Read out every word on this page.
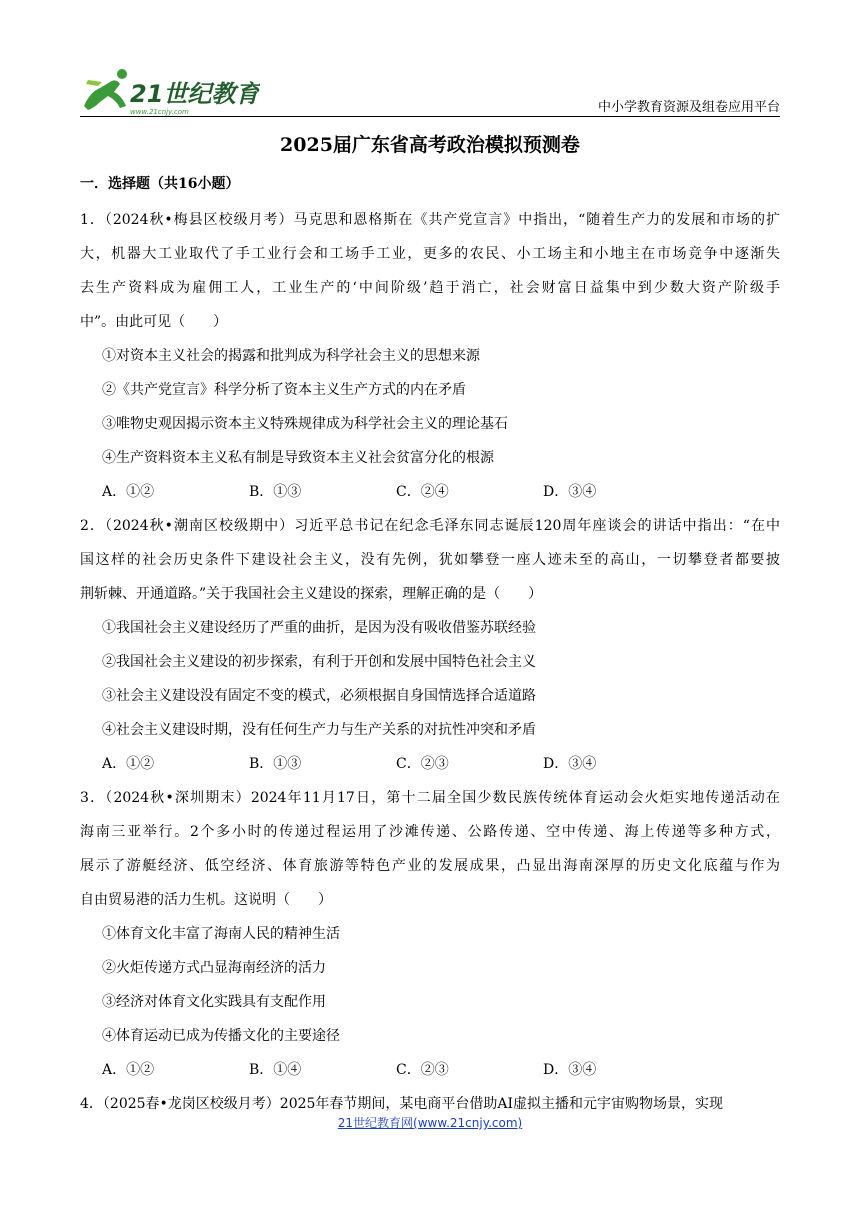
21世纪教育
www.21cnjy.com	中小学教育资源及组卷应用平台
2025届广东省高考政治模拟预测卷
一．选择题（共16小题）
1．（2024秋•梅县区校级月考）马克思和恩格斯在《共产党宣言》中指出，“随着生产力的发展和市场的扩
大，机器大工业取代了手工业行会和工场手工业，更多的农民、小工场主和小地主在市场竞争中逐渐失
去生产资料成为雇佣工人，工业生产的‘中间阶级’趋于消亡，社会财富日益集中到少数大资产阶级手
中”。由此可见（　　）
①对资本主义社会的揭露和批判成为科学社会主义的思想来源
②《共产党宣言》科学分析了资本主义生产方式的内在矛盾
③唯物史观因揭示资本主义特殊规律成为科学社会主义的理论基石
④生产资料资本主义私有制是导致资本主义社会贫富分化的根源
A．①②	B．①③	C．②④	D．③④
2．（2024秋•潮南区校级期中）习近平总书记在纪念毛泽东同志诞辰120周年座谈会的讲话中指出：“在中
国这样的社会历史条件下建设社会主义，没有先例，犹如攀登一座人迹未至的高山，一切攀登者都要披
荆斩棘、开通道路。”关于我国社会主义建设的探索，理解正确的是（　　）
①我国社会主义建设经历了严重的曲折，是因为没有吸收借鉴苏联经验
②我国社会主义建设的初步探索，有利于开创和发展中国特色社会主义
③社会主义建设没有固定不变的模式，必须根据自身国情选择合适道路
④社会主义建设时期，没有任何生产力与生产关系的对抗性冲突和矛盾
A．①②	B．①③	C．②③	D．③④
3．（2024秋•深圳期末）2024年11月17日，第十二届全国少数民族传统体育运动会火炬实地传递活动在
海南三亚举行。2个多小时的传递过程运用了沙滩传递、公路传递、空中传递、海上传递等多种方式，
展示了游艇经济、低空经济、体育旅游等特色产业的发展成果，凸显出海南深厚的历史文化底蕴与作为
自由贸易港的活力生机。这说明（　　）
①体育文化丰富了海南人民的精神生活
②火炬传递方式凸显海南经济的活力
③经济对体育文化实践具有支配作用
④体育运动已成为传播文化的主要途径
A．①②	B．①④	C．②③	D．③④
4．（2025春•龙岗区校级月考）2025年春节期间，某电商平台借助AI虚拟主播和元宇宙购物场景，实现
21世纪教育网(www.21cnjy.com)
